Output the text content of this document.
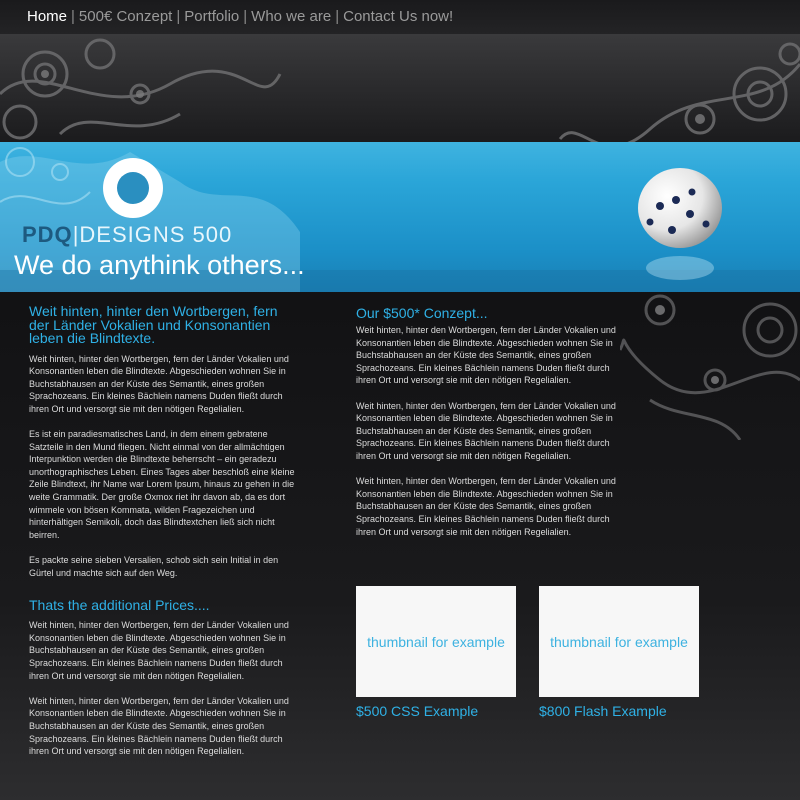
Home | 500€ Conzept | Portfolio | Who we are | Contact Us now!
PDQ|DESIGNS 500
We do anythink others...
Weit hinten, hinter den Wortbergen, fern der Länder Vokalien und Konsonantien leben die Blindtexte.

Weit hinten, hinter den Wortbergen, fern der Länder Vokalien und Konsonantien leben die Blindtexte. Abgeschieden wohnen Sie in Buchstabhausen an der Küste des Semantik, eines großen Sprachozeans. Ein kleines Bächlein namens Duden fließt durch ihren Ort und versorgt sie mit den nötigen Regelialien.

Es ist ein paradiesmatisches Land, in dem einem gebratene Satzteile in den Mund fliegen. Nicht einmal von der allmächtigen Interpunktion werden die Blindtexte beherrscht – ein geradezu unorthographisches Leben. Eines Tages aber beschloß eine kleine Zeile Blindtext, ihr Name war Lorem Ipsum, hinaus zu gehen in die weite Grammatik. Der große Oxmox riet ihr davon ab, da es dort wimmele von bösen Kommata, wilden Fragezeichen und hinterhältigen Semikoli, doch das Blindtextchen ließ sich nicht beirren.

Es packte seine sieben Versalien, schob sich sein Initial in den Gürtel und machte sich auf den Weg.

Thats the additional Prices....

Weit hinten, hinter den Wortbergen, fern der Länder Vokalien und Konsonantien leben die Blindtexte. Abgeschieden wohnen Sie in Buchstabhausen an der Küste des Semantik, eines großen Sprachozeans. Ein kleines Bächlein namens Duden fließt durch ihren Ort und versorgt sie mit den nötigen Regelialien.

Weit hinten, hinter den Wortbergen, fern der Länder Vokalien und Konsonantien leben die Blindtexte. Abgeschieden wohnen Sie in Buchstabhausen an der Küste des Semantik, eines großen Sprachozeans. Ein kleines Bächlein namens Duden fließt durch ihren Ort und versorgt sie mit den nötigen Regelialien.

Our $500* Conzept...

Weit hinten, hinter den Wortbergen, fern der Länder Vokalien und Konsonantien leben die Blindtexte. Abgeschieden wohnen Sie in Buchstabhausen an der Küste des Semantik, eines großen Sprachozeans. Ein kleines Bächlein namens Duden fließt durch ihren Ort und versorgt sie mit den nötigen Regelialien.

Weit hinten, hinter den Wortbergen, fern der Länder Vokalien und Konsonantien leben die Blindtexte. Abgeschieden wohnen Sie in Buchstabhausen an der Küste des Semantik, eines großen Sprachozeans. Ein kleines Bächlein namens Duden fließt durch ihren Ort und versorgt sie mit den nötigen Regelialien.

Weit hinten, hinter den Wortbergen, fern der Länder Vokalien und Konsonantien leben die Blindtexte. Abgeschieden wohnen Sie in Buchstabhausen an der Küste des Semantik, eines großen Sprachozeans. Ein kleines Bächlein namens Duden fließt durch ihren Ort und versorgt sie mit den nötigen Regelialien.

thumbnail for example
$500 CSS Example
thumbnail for example
$800 Flash Example
